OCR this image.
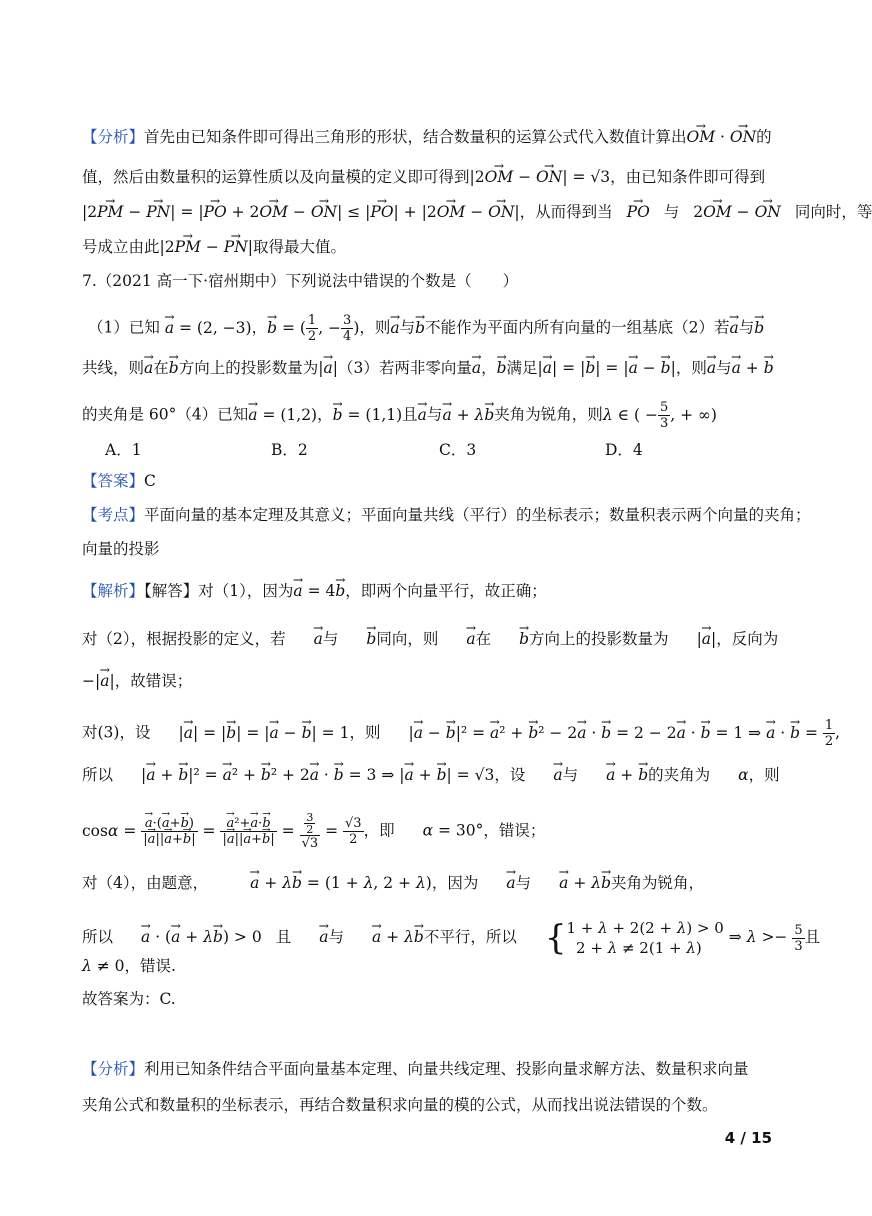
【分析】首先由已知条件即可得出三角形的形状，结合数量积的运算公式代入数值计算出→ OM · → ON的
值，然后由数量积的运算性质以及向量模的定义即可得到|2→ OM − → ON| = √3，由已知条件即可得到
|2→ PM − → PN| = |→ PO + 2→ OM − → ON| ≤ |→ PO| + |2→ OM − → ON|，从而得到当 → PO 与 2→ OM − → ON 同向时，等
号成立由此|2→ PM − → PN|取得最大值。
7.（2021 高一下·宿州期中）下列说法中错误的个数是（　　）
（1）已知 → a = (2, −3)，→ b = ( $\frac{1}{2}$ , − $\frac{3}{4}$ )，则→ a与→ b不能作为平面内所有向量的一组基底（2）若→ a与→ b
共线，则→ a在→ b方向上的投影数量为|→ a|（3）若两非零向量→ a，→ b满足|→ a| = |→ b| = |→ a − → b|，则→ a与→ a + → b
的夹角是 60°（4）已知→ a = (1,2)，→ b = (1,1)且→ a与→ a + λ→ b夹角为锐角，则λ ∈ ( − $\frac{5}{3}$ , + ∞)
A．1	B．2	C．3	D．4
【答案】C
【考点】平面向量的基本定理及其意义；平面向量共线（平行）的坐标表示；数量积表示两个向量的夹角；
向量的投影
【解析】【解答】对（1），因为→ a = 4→ b，即两个向量平行，故正确；
对（2），根据投影的定义，若 → a与 → b同向，则 → a在 → b方向上的投影数量为 |→ a|，反向为
−|→ a|，故错误；
对(3)，设 |→ a| = |→ b| = |→ a − → b| = 1，则 |→ a − → b|² = → a² + → b² − 2→ a · → b = 2 − 2→ a · → b = 1 ⇒ → a · → $b = \frac{1}{2}$ ,
所以 |→ a + → b|² = → a² + → b² + 2→ a · → b = 3 ⇒ |→ a + → b| = √3，设 → a与 → a + → b的夹角为 α，则
cosα = → $\frac{a\cdot(\to a+\to b)}{|\to a||\to a+\to b|}$ = → $\frac{\text{a²+→ a·→ b}}{|\to a||\to a+\to b|} = \frac{\frac{3}{2}}{√3} = \frac{√3}{2}$ ，即 α = 30°，错误；
对（4），由题意，	→ a + λ→ b = (1 + λ, 2 + λ)，因为 → a与 → a + λ→ b夹角为锐角，
所以 → a · (→ a + λ→ b) > 0 且 → a与 → a + λ→ b不平行，所以 { 1 + λ + 2(2 + λ) > 0
2 + λ ≠ 2(1 + λ)
⇒ $\lambda >- \frac{5}{3}$ 且
λ ≠ 0，错误.
故答案为：C.
【分析】利用已知条件结合平面向量基本定理、向量共线定理、投影向量求解方法、数量积求向量
夹角公式和数量积的坐标表示，再结合数量积求向量的模的公式，从而找出说法错误的个数。
4 / 15
